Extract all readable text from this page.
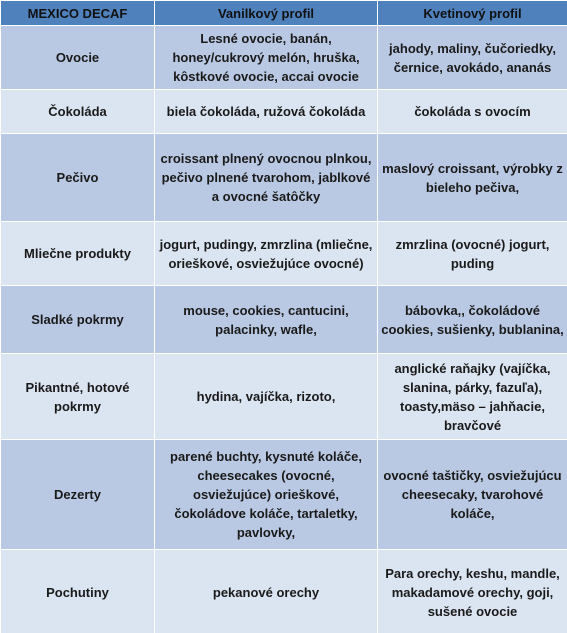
MEXICO DECAF	Vanilkový profil	Kvetinový profil
Ovocie	Lesné ovocie, banán, honey/cukrový melón, hruška, kôstkové ovocie, accai ovocie	jahody, maliny, čučoriedky, černice, avokádo, ananás
Čokoláda	biela čokoláda, ružová čokoláda	čokoláda s ovocím
Pečivo	croissant plnený ovocnou plnkou, pečivo plnené tvarohom, jablkové a ovocné šatôčky	maslový croissant, výrobky z bieleho pečiva,
Mliečne produkty	jogurt, pudingy, zmrzlina (mliečne, orieškové, osviežujúce ovocné)	zmrzlina (ovocné) jogurt, puding
Sladké pokrmy	mouse, cookies, cantucini, palacinky, wafle,	bábovka,, čokoládové cookies, sušienky, bublanina,
Pikantné, hotové pokrmy	hydina, vajíčka, rizoto,	anglické raňajky (vajíčka, slanina, párky, fazuľa), toasty,mäso – jahňacie, bravčové
Dezerty	parené buchty, kysnuté koláče, cheesecakes (ovocné, osviežujúce) orieškové, čokoládove koláče, tartaletky, pavlovky,	ovocné taštičky, osviežujúcu cheesecaky, tvarohové koláče,
Pochutiny	pekanové orechy	Para orechy, keshu, mandle, makadamové orechy, goji, sušené ovocie
